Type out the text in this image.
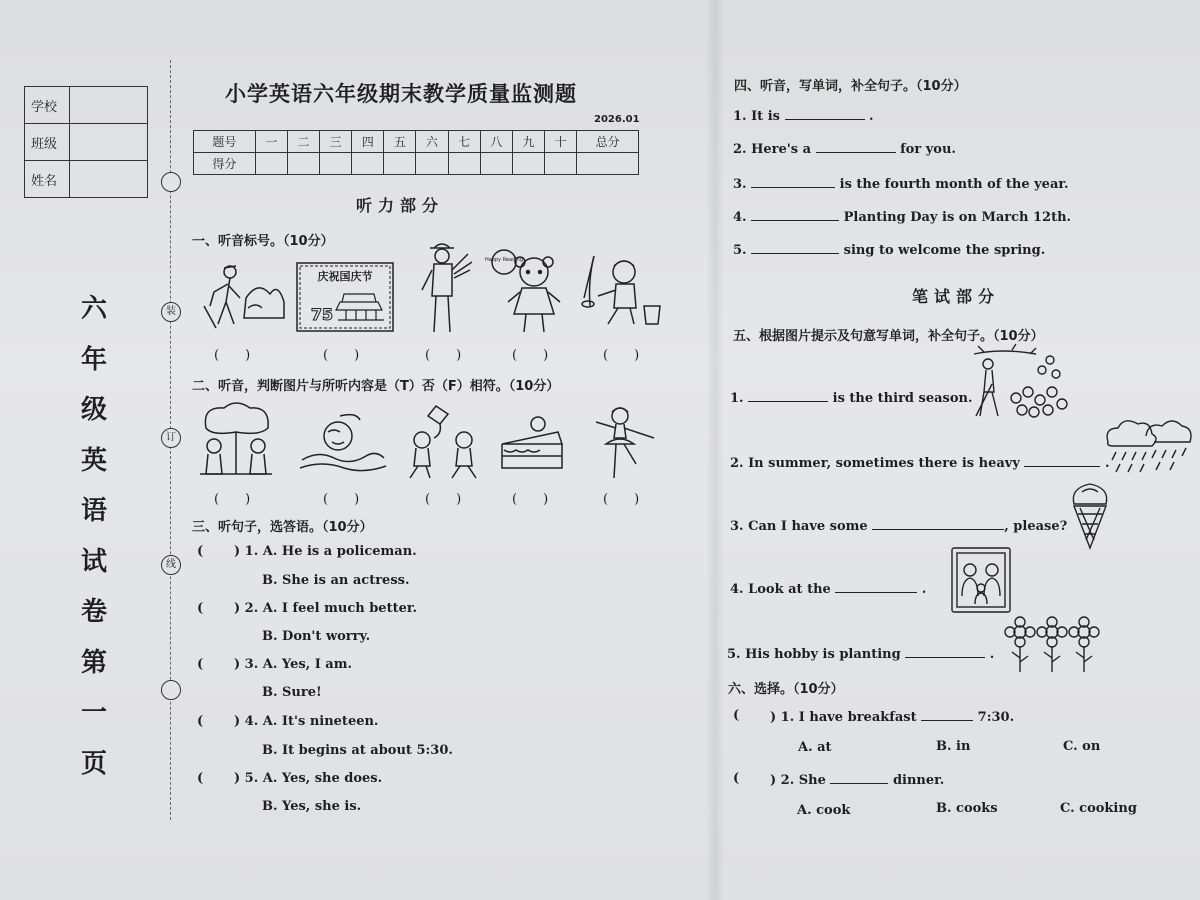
学校	
班级	
姓名	
六
年
级
英
语
试
卷
第
一
页
装
订
线
小学英语六年级期末教学质量监测题
2026.01
题号	一	二	三	四	五	六	七	八	九	十	总分
得分											
听力部分
一、听音标号。（10分）
庆祝国庆节
75
Happy Reading
(　　)	(　　)	(　　)	(　　)	(　　)
二、听音，判断图片与所听内容是（T）否（F）相符。（10分）
(　　)	(　　)	(　　)	(　　)	(　　)
三、听句子，选答语。（10分）
( ) 1. A. He is a policeman.
B. She is an actress.
( ) 2. A. I feel much better.
B. Don't worry.
( ) 3. A. Yes, I am.
B. Sure!
( ) 4. A. It's nineteen.
B. It begins at about 5:30.
( ) 5. A. Yes, she does.
B. Yes, she is.
四、听音，写单词，补全句子。（10分）
1. It is	.
2. Here's a	for you.
3.	is the fourth month of the year.
4.	Planting Day is on March 12th.
5.	sing to welcome the spring.
笔试部分
五、根据图片提示及句意写单词，补全句子。（10分）
1.	is the third season.
2. In summer, sometimes there is heavy	.
3. Can I have some	, please?
4. Look at the	.
5. His hobby is planting	.
六、选择。（10分）
( ) 1. I have breakfast	7:30.
A. at	B. in	C. on
( ) 2. She	dinner.
A. cook	B. cooks	C. cooking
